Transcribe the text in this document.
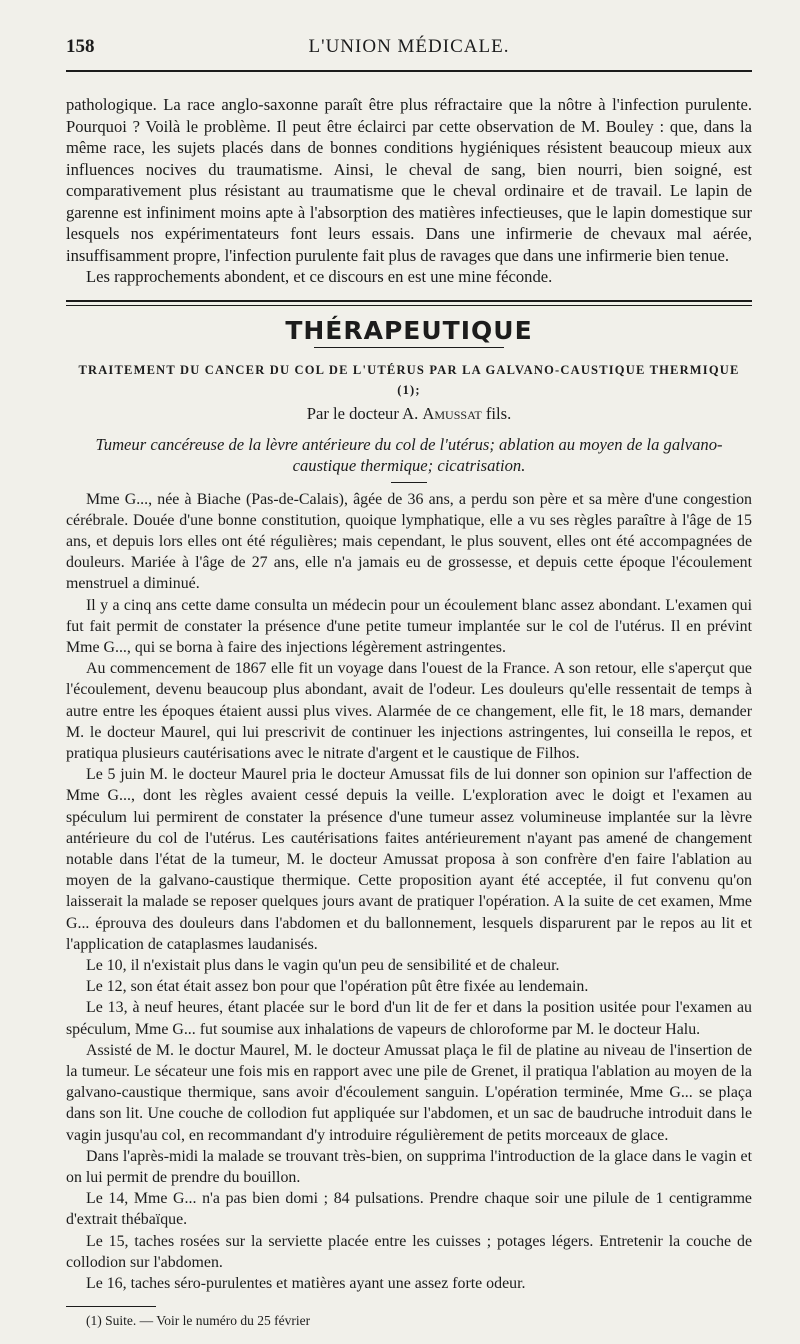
158	L'UNION MÉDICALE.

pathologique. La race anglo-saxonne paraît être plus réfractaire que la nôtre à l'infection purulente. Pourquoi ? Voilà le problème. Il peut être éclairci par cette observation de M. Bouley : que, dans la même race, les sujets placés dans de bonnes conditions hygiéniques résistent beaucoup mieux aux influences nocives du traumatisme. Ainsi, le cheval de sang, bien nourri, bien soigné, est comparativement plus résistant au traumatisme que le cheval ordinaire et de travail. Le lapin de garenne est infiniment moins apte à l'absorption des matières infectieuses, que le lapin domestique sur lesquels nos expérimentateurs font leurs essais. Dans une infirmerie de chevaux mal aérée, insuffisamment propre, l'infection purulente fait plus de ravages que dans une infirmerie bien tenue.

Les rapprochements abondent, et ce discours en est une mine féconde.

THÉRAPEUTIQUE
TRAITEMENT DU CANCER DU COL DE L'UTÉRUS PAR LA GALVANO-CAUSTIQUE THERMIQUE (1);
Par le docteur A. Amussat fils.
Tumeur cancéreuse de la lèvre antérieure du col de l'utérus; ablation au moyen de la galvano-caustique thermique; cicatrisation.

Mme G..., née à Biache (Pas-de-Calais), âgée de 36 ans, a perdu son père et sa mère d'une congestion cérébrale. Douée d'une bonne constitution, quoique lymphatique, elle a vu ses règles paraître à l'âge de 15 ans, et depuis lors elles ont été régulières; mais cependant, le plus souvent, elles ont été accompagnées de douleurs. Mariée à l'âge de 27 ans, elle n'a jamais eu de grossesse, et depuis cette époque l'écoulement menstruel a diminué.

Il y a cinq ans cette dame consulta un médecin pour un écoulement blanc assez abondant. L'examen qui fut fait permit de constater la présence d'une petite tumeur implantée sur le col de l'utérus. Il en prévint Mme G..., qui se borna à faire des injections légèrement astringentes.

Au commencement de 1867 elle fit un voyage dans l'ouest de la France. A son retour, elle s'aperçut que l'écoulement, devenu beaucoup plus abondant, avait de l'odeur. Les douleurs qu'elle ressentait de temps à autre entre les époques étaient aussi plus vives. Alarmée de ce changement, elle fit, le 18 mars, demander M. le docteur Maurel, qui lui prescrivit de continuer les injections astringentes, lui conseilla le repos, et pratiqua plusieurs cautérisations avec le nitrate d'argent et le caustique de Filhos.

Le 5 juin M. le docteur Maurel pria le docteur Amussat fils de lui donner son opinion sur l'affection de Mme G..., dont les règles avaient cessé depuis la veille. L'exploration avec le doigt et l'examen au spéculum lui permirent de constater la présence d'une tumeur assez volumineuse implantée sur la lèvre antérieure du col de l'utérus. Les cautérisations faites antérieurement n'ayant pas amené de changement notable dans l'état de la tumeur, M. le docteur Amussat proposa à son confrère d'en faire l'ablation au moyen de la galvano-caustique thermique. Cette proposition ayant été acceptée, il fut convenu qu'on laisserait la malade se reposer quelques jours avant de pratiquer l'opération. A la suite de cet examen, Mme G... éprouva des douleurs dans l'abdomen et du ballonnement, lesquels disparurent par le repos au lit et l'application de cataplasmes laudanisés.

Le 10, il n'existait plus dans le vagin qu'un peu de sensibilité et de chaleur.

Le 12, son état était assez bon pour que l'opération pût être fixée au lendemain.

Le 13, à neuf heures, étant placée sur le bord d'un lit de fer et dans la position usitée pour l'examen au spéculum, Mme G... fut soumise aux inhalations de vapeurs de chloroforme par M. le docteur Halu.

Assisté de M. le doctur Maurel, M. le docteur Amussat plaça le fil de platine au niveau de l'insertion de la tumeur. Le sécateur une fois mis en rapport avec une pile de Grenet, il pratiqua l'ablation au moyen de la galvano-caustique thermique, sans avoir d'écoulement sanguin. L'opération terminée, Mme G... se plaça dans son lit. Une couche de collodion fut appliquée sur l'abdomen, et un sac de baudruche introduit dans le vagin jusqu'au col, en recommandant d'y introduire régulièrement de petits morceaux de glace.

Dans l'après-midi la malade se trouvant très-bien, on supprima l'introduction de la glace dans le vagin et on lui permit de prendre du bouillon.

Le 14, Mme G... n'a pas bien domi ; 84 pulsations. Prendre chaque soir une pilule de 1 centigramme d'extrait thébaïque.

Le 15, taches rosées sur la serviette placée entre les cuisses ; potages légers. Entretenir la couche de collodion sur l'abdomen.

Le 16, taches séro-purulentes et matières ayant une assez forte odeur.

(1) Suite. — Voir le numéro du 25 février
